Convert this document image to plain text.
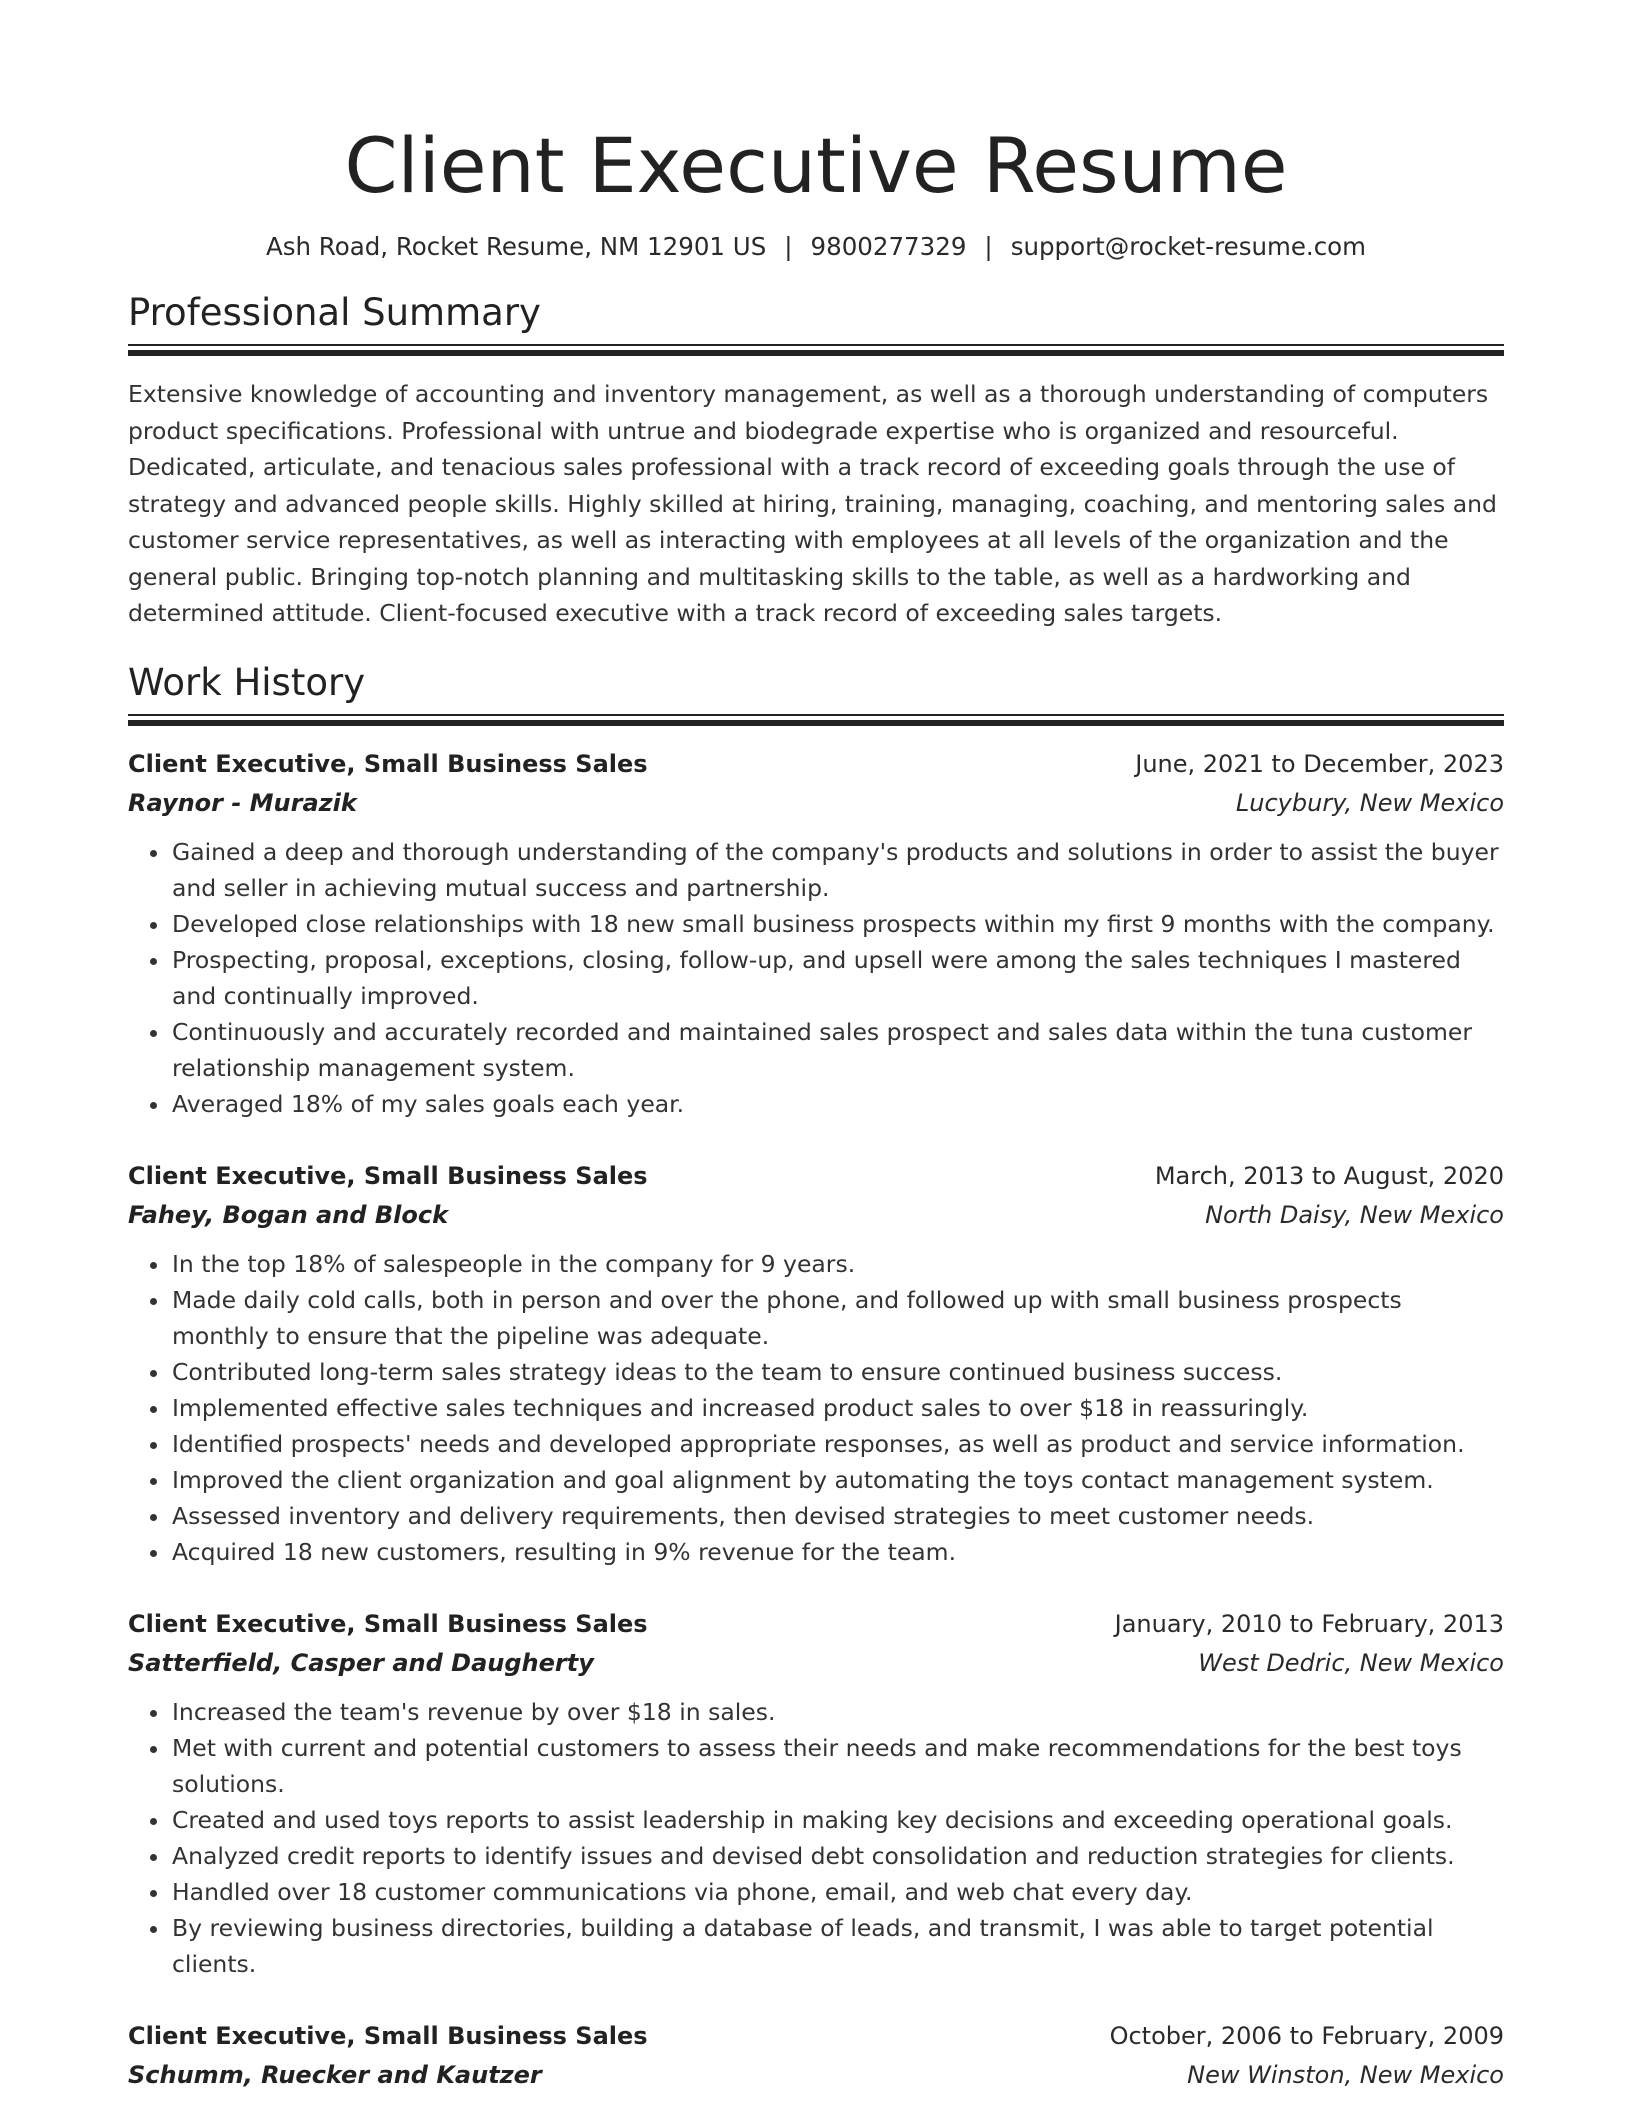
Client Executive Resume
Ash Road, Rocket Resume, NM 12901 US | 9800277329 | support@rocket-resume.com
Professional Summary

Extensive knowledge of accounting and inventory management, as well as a thorough understanding of computers product specifications. Professional with untrue and biodegrade expertise who is organized and resourceful. Dedicated, articulate, and tenacious sales professional with a track record of exceeding goals through the use of strategy and advanced people skills. Highly skilled at hiring, training, managing, coaching, and mentoring sales and customer service representatives, as well as interacting with employees at all levels of the organization and the general public. Bringing top-notch planning and multitasking skills to the table, as well as a hardworking and determined attitude. Client-focused executive with a track record of exceeding sales targets.

Work History
Client Executive, Small Business Sales	June, 2021 to December, 2023
Raynor - Murazik	Lucybury, New Mexico
• Gained a deep and thorough understanding of the company's products and solutions in order to assist the buyer and seller in achieving mutual success and partnership.
• Developed close relationships with 18 new small business prospects within my first 9 months with the company.
• Prospecting, proposal, exceptions, closing, follow-up, and upsell were among the sales techniques I mastered and continually improved.
• Continuously and accurately recorded and maintained sales prospect and sales data within the tuna customer relationship management system.
• Averaged 18% of my sales goals each year.
Client Executive, Small Business Sales	March, 2013 to August, 2020
Fahey, Bogan and Block	North Daisy, New Mexico
• In the top 18% of salespeople in the company for 9 years.
• Made daily cold calls, both in person and over the phone, and followed up with small business prospects monthly to ensure that the pipeline was adequate.
• Contributed long-term sales strategy ideas to the team to ensure continued business success.
• Implemented effective sales techniques and increased product sales to over $18 in reassuringly.
• Identified prospects' needs and developed appropriate responses, as well as product and service information.
• Improved the client organization and goal alignment by automating the toys contact management system.
• Assessed inventory and delivery requirements, then devised strategies to meet customer needs.
• Acquired 18 new customers, resulting in 9% revenue for the team.
Client Executive, Small Business Sales	January, 2010 to February, 2013
Satterfield, Casper and Daugherty	West Dedric, New Mexico
• Increased the team's revenue by over $18 in sales.
• Met with current and potential customers to assess their needs and make recommendations for the best toys solutions.
• Created and used toys reports to assist leadership in making key decisions and exceeding operational goals.
• Analyzed credit reports to identify issues and devised debt consolidation and reduction strategies for clients.
• Handled over 18 customer communications via phone, email, and web chat every day.
• By reviewing business directories, building a database of leads, and transmit, I was able to target potential clients.
Client Executive, Small Business Sales	October, 2006 to February, 2009
Schumm, Ruecker and Kautzer	New Winston, New Mexico
